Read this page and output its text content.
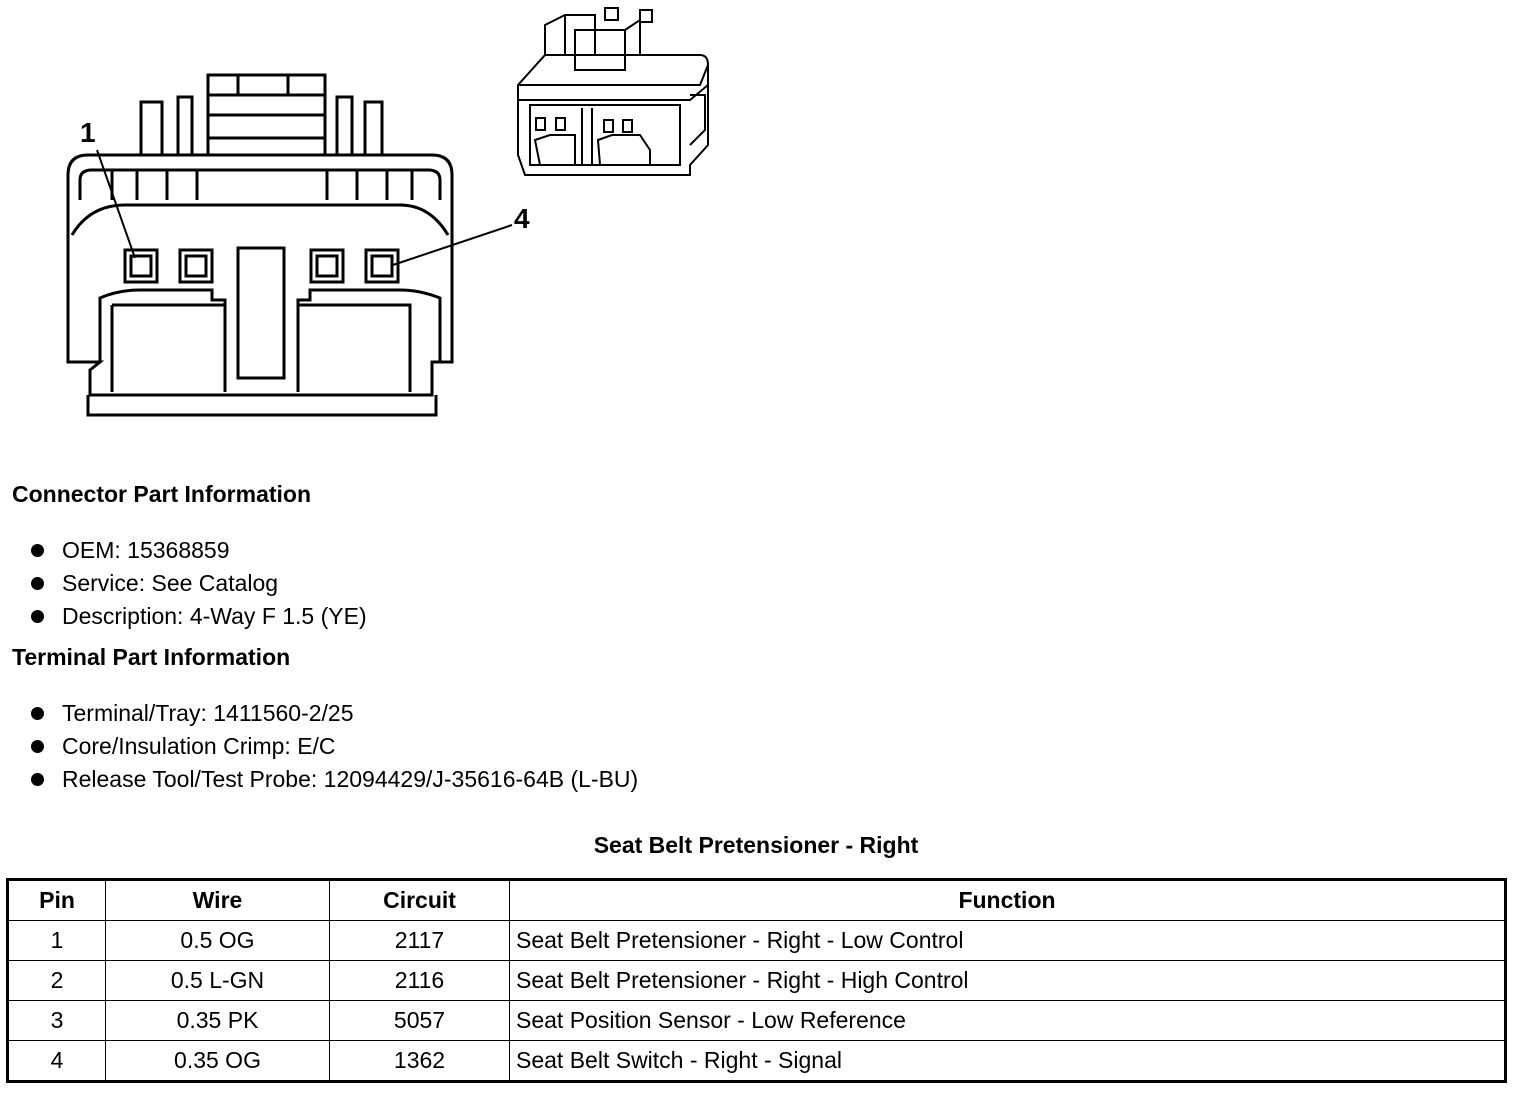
1
4
Connector Part Information
OEM: 15368859
Service: See Catalog
Description: 4-Way F 1.5 (YE)
Terminal Part Information
Terminal/Tray: 1411560-2/25
Core/Insulation Crimp: E/C
Release Tool/Test Probe: 12094429/J-35616-64B (L-BU)
Seat Belt Pretensioner - Right
Pin	Wire	Circuit	Function
1	0.5 OG	2117	Seat Belt Pretensioner - Right - Low Control
2	0.5 L-GN	2116	Seat Belt Pretensioner - Right - High Control
3	0.35 PK	5057	Seat Position Sensor - Low Reference
4	0.35 OG	1362	Seat Belt Switch - Right - Signal
